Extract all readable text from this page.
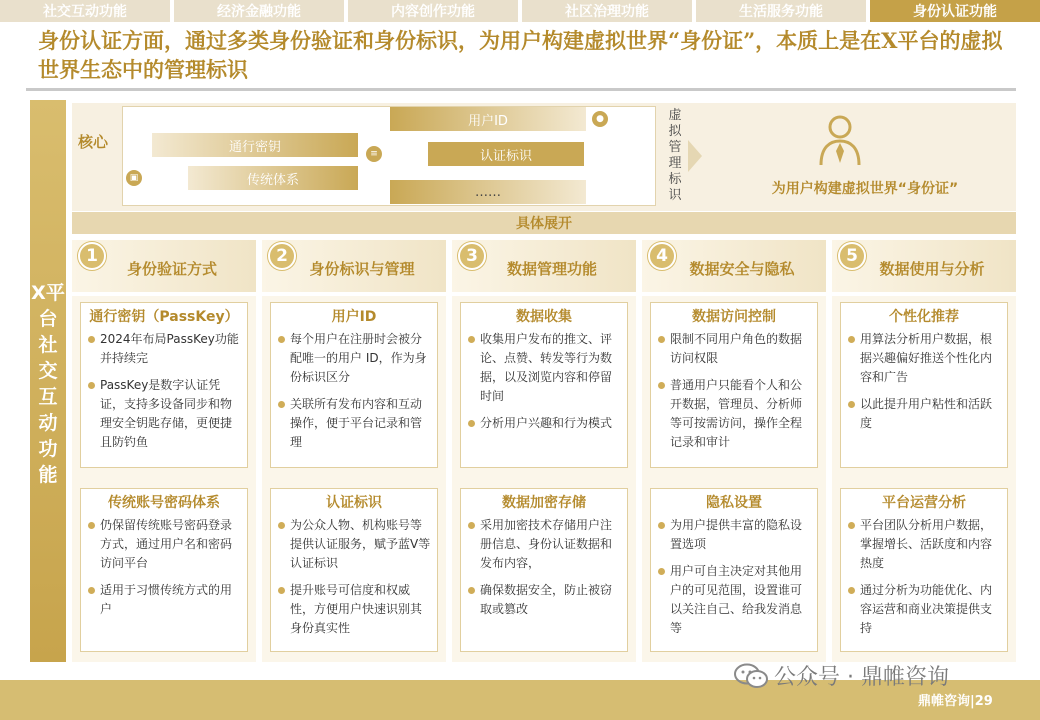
社交互动功能	经济金融功能	内容创作功能	社区治理功能	生活服务功能	身份认证功能
身份认证方面，通过多类身份验证和身份标识，为用户构建虚拟世界“身份证”，本质上是在X平台的虚拟世界生态中的管理标识
X平台社交互动功能
核心	通行密钥
传统体系
用户ID
认证标识
……
▣
≡
●	虚拟管理标识	为用户构建虚拟世界“身份证”
具体展开
1
身份验证方式
通行密钥（PassKey）
2024年布局PassKey功能并持续完
PassKey是数字认证凭证，支持多设备同步和物理安全钥匙存储，更便捷且防钓鱼
传统账号密码体系
仍保留传统账号密码登录方式，通过用户名和密码访问平台
适用于习惯传统方式的用户
2
身份标识与管理
用户ID
每个用户在注册时会被分配唯一的用户 ID，作为身份标识区分
关联所有发布内容和互动操作，便于平台记录和管理
认证标识
为公众人物、机构账号等提供认证服务，赋予蓝V等认证标识
提升账号可信度和权威性，方便用户快速识别其身份真实性
3
数据管理功能
数据收集
收集用户发布的推文、评论、点赞、转发等行为数据，以及浏览内容和停留时间
分析用户兴趣和行为模式
数据加密存储
采用加密技术存储用户注册信息、身份认证数据和发布内容，
确保数据安全，防止被窃取或篡改
4
数据安全与隐私
数据访问控制
限制不同用户角色的数据访问权限
普通用户只能看个人和公开数据，管理员、分析师等可按需访问，操作全程记录和审计
隐私设置
为用户提供丰富的隐私设置选项
用户可自主决定对其他用户的可见范围，设置谁可以关注自己、给我发消息等
5
数据使用与分析
个性化推荐
用算法分析用户数据，根据兴趣偏好推送个性化内容和广告
以此提升用户粘性和活跃度
平台运营分析
平台团队分析用户数据，掌握增长、活跃度和内容热度
通过分析为功能优化、内容运营和商业决策提供支持
公众号 · 鼎帷咨询
鼎帷咨询|29
